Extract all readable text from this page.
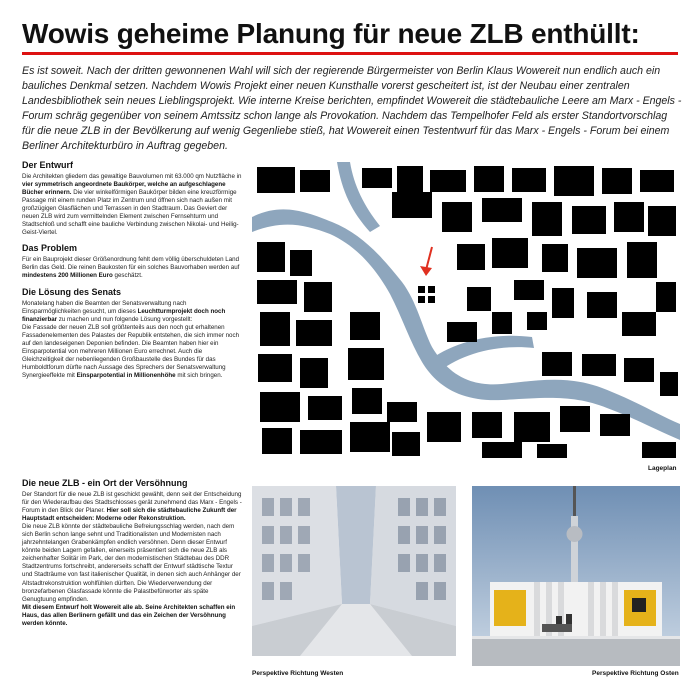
Wowis geheime Planung für neue ZLB enthüllt:
Es ist soweit. Nach der dritten gewonnenen Wahl will sich der regierende Bürgermeister von Berlin Klaus Wowereit nun endlich auch ein bauliches Denkmal setzen. Nachdem Wowis Projekt einer neuen Kunsthalle vorerst gescheitert ist, ist der Neubau einer zentralen Landesbibliothek sein neues Lieblingsprojekt. Wie interne Kreise berichten, empfindet Wowereit die städtebauliche Leere am Marx - Engels - Forum schräg gegenüber von seinem Amtssitz schon lange als Provokation. Nachdem das Tempelhofer Feld als erster Standortvorschlag für die neue ZLB in der Bevölkerung auf wenig Gegenliebe stieß, hat Wowereit einen Testentwurf für das Marx - Engels - Forum bei einem Berliner Architekturbüro in Auftrag gegeben.
Der Entwurf

Die Architekten gliedern das gewaltige Bauvolumen mit 63.000 qm Nutzfläche in vier symmetrisch angeordnete Baukörper, welche an aufgeschlagene Bücher erinnern. Die vier winkelförmigen Baukörper bilden eine kreuzförmige Passage mit einem runden Platz im Zentrum und öffnen sich nach außen mit großzügigen Glasflächen und Terrassen in den Stadtraum. Das Geviert der neuen ZLB wird zum vermittelnden Element zwischen Fernsehturm und Stadtschloß und schafft eine bauliche Verbindung zwischen Nikolai- und Heilig-Geist-Viertel.

Das Problem

Für ein Bauprojekt dieser Größenordnung fehlt dem völlig überschuldeten Land Berlin das Geld. Die reinen Baukosten für ein solches Bauvorhaben werden auf mindestens 200 Millionen Euro geschätzt.

Die Lösung des Senats

Monatelang haben die Beamten der Senatsverwaltung nach Einsparmöglichkeiten gesucht, um dieses Leuchtturmprojekt doch noch finanzierbar zu machen und nun folgende Lösung vorgestellt:

Die Fassade der neuen ZLB soll größtenteils aus den noch gut erhaltenen Fassadenelementen des Palastes der Republik entstehen, die sich immer noch auf den landeseigenen Deponien befinden. Die Beamten haben hier ein Einsparpotential von mehreren Millionen Euro errechnet. Auch die Gleichzeitigkeit der nebenliegenden Großbaustelle des Bundes für das Humboldtforum dürfte nach Aussage des Sprechers der Senatsverwaltung Synergieeffekte mit Einsparpotential in Millionenhöhe mit sich bringen.

Die neue ZLB - ein Ort der Versöhnung

Der Standort für die neue ZLB ist geschickt gewählt, denn seit der Entscheidung für den Wiederaufbau des Stadtschlosses gerät zunehmend das Marx - Engels - Forum in den Blick der Planer. Hier soll sich die städtebauliche Zukunft der Hauptstadt entscheiden: Moderne oder Rekonstruktion.

Die neue ZLB könnte der städtebauliche Befreiungsschlag werden, nach dem sich Berlin schon lange sehnt und Traditionalisten und Modernisten nach jahrzehntelangen Grabenkämpfen endlich versöhnen. Denn dieser Entwurf könnte beiden Lagern gefallen, einerseits präsentiert sich die neue ZLB als zeichenhafter Solitär im Park, der den modernistischen Städtebau des DDR Stadtzentrums fortschreibt, andererseits schafft der Entwurf städtische Textur und Stadträume von fast italienischer Qualität, in denen sich auch Anhänger der Altstadtrekonstruktion wohlfühlen dürften. Die Wiederverwendung der bronzefarbenen Glasfassade könnte die Palastbefürworter als späte Genugtuung empfinden.

Mit diesem Entwurf holt Wowereit alle ab. Seine Architekten schaffen ein Haus, das allen Berlinern gefällt und das ein Zeichen der Versöhnung werden könnte.

Lageplan
Perspektive Richtung Westen	Perspektive Richtung Osten
